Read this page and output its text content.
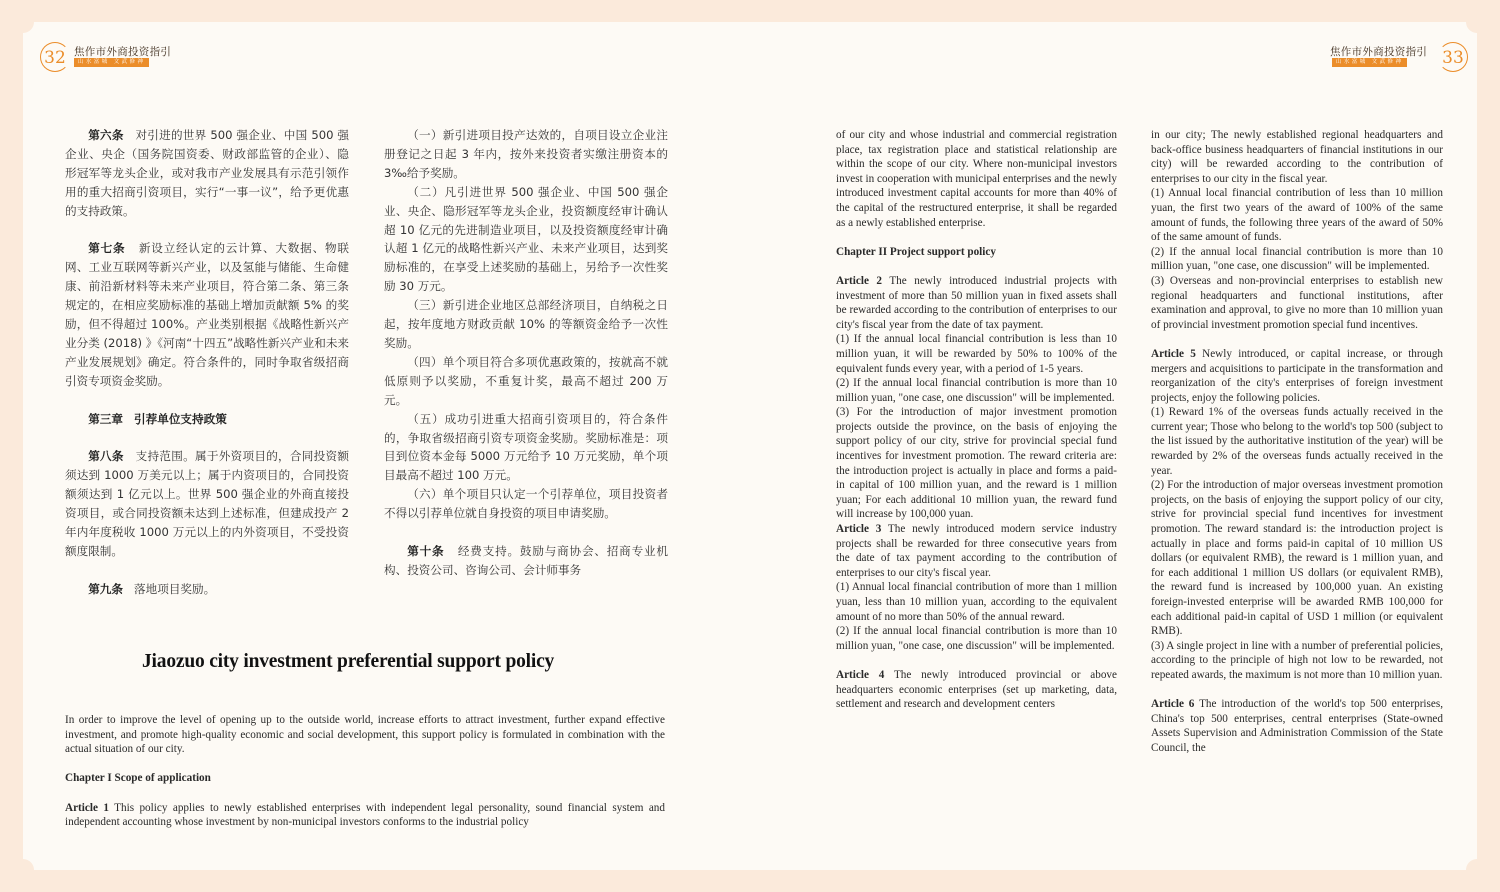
32 焦作市外商投资指引
山水富城 文武修神
焦作市外商投资指引
山水富城 文武修神 33

第六条 对引进的世界 500 强企业、中国 500 强企业、央企（国务院国资委、财政部监管的企业）、隐形冠军等龙头企业，或对我市产业发展具有示范引领作用的重大招商引资项目，实行“一事一议”，给予更优惠的支持政策。

第七条 新设立经认定的云计算、大数据、物联网、工业互联网等新兴产业，以及氢能与储能、生命健康、前沿新材料等未来产业项目，符合第二条、第三条规定的，在相应奖励标准的基础上增加贡献额 5% 的奖励，但不得超过 100%。产业类别根据《战略性新兴产业分类 (2018) 》《河南“十四五”战略性新兴产业和未来产业发展规划》确定。符合条件的，同时争取省级招商引资专项资金奖励。

第三章 引荐单位支持政策

第八条 支持范围。属于外资项目的，合同投资额须达到 1000 万美元以上；属于内资项目的，合同投资额须达到 1 亿元以上。世界 500 强企业的外商直接投资项目，或合同投资额未达到上述标准，但建成投产 2 年内年度税收 1000 万元以上的内外资项目，不受投资额度限制。

第九条 落地项目奖励。

（一）新引进项目投产达效的，自项目设立企业注册登记之日起 3 年内，按外来投资者实缴注册资本的 3‰给予奖励。

（二）凡引进世界 500 强企业、中国 500 强企业、央企、隐形冠军等龙头企业，投资额度经审计确认超 10 亿元的先进制造业项目，以及投资额度经审计确认超 1 亿元的战略性新兴产业、未来产业项目，达到奖励标准的，在享受上述奖励的基础上，另给予一次性奖励 30 万元。

（三）新引进企业地区总部经济项目，自纳税之日起，按年度地方财政贡献 10% 的等额资金给予一次性奖励。

（四）单个项目符合多项优惠政策的，按就高不就低原则予以奖励，不重复计奖，最高不超过 200 万元。

（五）成功引进重大招商引资项目的，符合条件的，争取省级招商引资专项资金奖励。奖励标准是：项目到位资本金每 5000 万元给予 10 万元奖励，单个项目最高不超过 100 万元。

（六）单个项目只认定一个引荐单位，项目投资者不得以引荐单位就自身投资的项目申请奖励。

第十条 经费支持。鼓励与商协会、招商专业机构、投资公司、咨询公司、会计师事务

Jiaozuo city investment preferential support policy

In order to improve the level of opening up to the outside world, increase efforts to attract investment, further expand effective investment, and promote high-quality economic and social development, this support policy is formulated in combination with the actual situation of our city.

Chapter I Scope of application

Article 1 This policy applies to newly established enterprises with independent legal personality, sound financial system and independent accounting whose investment by non-municipal investors conforms to the industrial policy

of our city and whose industrial and commercial registration place, tax registration place and statistical relationship are within the scope of our city. Where non-municipal investors invest in cooperation with municipal enterprises and the newly introduced investment capital accounts for more than 40% of the capital of the restructured enterprise, it shall be regarded as a newly established enterprise.

Chapter II Project support policy

Article 2 The newly introduced industrial projects with investment of more than 50 million yuan in fixed assets shall be rewarded according to the contribution of enterprises to our city's fiscal year from the date of tax payment.

(1) If the annual local financial contribution is less than 10 million yuan, it will be rewarded by 50% to 100% of the equivalent funds every year, with a period of 1-5 years.

(2) If the annual local financial contribution is more than 10 million yuan, "one case, one discussion" will be implemented.

(3) For the introduction of major investment promotion projects outside the province, on the basis of enjoying the support policy of our city, strive for provincial special fund incentives for investment promotion. The reward criteria are: the introduction project is actually in place and forms a paid-in capital of 100 million yuan, and the reward is 1 million yuan; For each additional 10 million yuan, the reward fund will increase by 100,000 yuan.

Article 3 The newly introduced modern service industry projects shall be rewarded for three consecutive years from the date of tax payment according to the contribution of enterprises to our city's fiscal year.

(1) Annual local financial contribution of more than 1 million yuan, less than 10 million yuan, according to the equivalent amount of no more than 50% of the annual reward.

(2) If the annual local financial contribution is more than 10 million yuan, "one case, one discussion" will be implemented.

Article 4 The newly introduced provincial or above headquarters economic enterprises (set up marketing, data, settlement and research and development centers

in our city; The newly established regional headquarters and back-office business headquarters of financial institutions in our city) will be rewarded according to the contribution of enterprises to our city in the fiscal year.

(1) Annual local financial contribution of less than 10 million yuan, the first two years of the award of 100% of the same amount of funds, the following three years of the award of 50% of the same amount of funds.

(2) If the annual local financial contribution is more than 10 million yuan, "one case, one discussion" will be implemented.

(3) Overseas and non-provincial enterprises to establish new regional headquarters and functional institutions, after examination and approval, to give no more than 10 million yuan of provincial investment promotion special fund incentives.

Article 5 Newly introduced, or capital increase, or through mergers and acquisitions to participate in the transformation and reorganization of the city's enterprises of foreign investment projects, enjoy the following policies.

(1) Reward 1% of the overseas funds actually received in the current year; Those who belong to the world's top 500 (subject to the list issued by the authoritative institution of the year) will be rewarded by 2% of the overseas funds actually received in the year.

(2) For the introduction of major overseas investment promotion projects, on the basis of enjoying the support policy of our city, strive for provincial special fund incentives for investment promotion. The reward standard is: the introduction project is actually in place and forms paid-in capital of 10 million US dollars (or equivalent RMB), the reward is 1 million yuan, and for each additional 1 million US dollars (or equivalent RMB), the reward fund is increased by 100,000 yuan. An existing foreign-invested enterprise will be awarded RMB 100,000 for each additional paid-in capital of USD 1 million (or equivalent RMB).

(3) A single project in line with a number of preferential policies, according to the principle of high not low to be rewarded, not repeated awards, the maximum is not more than 10 million yuan.

Article 6 The introduction of the world's top 500 enterprises, China's top 500 enterprises, central enterprises (State-owned Assets Supervision and Administration Commission of the State Council, the
